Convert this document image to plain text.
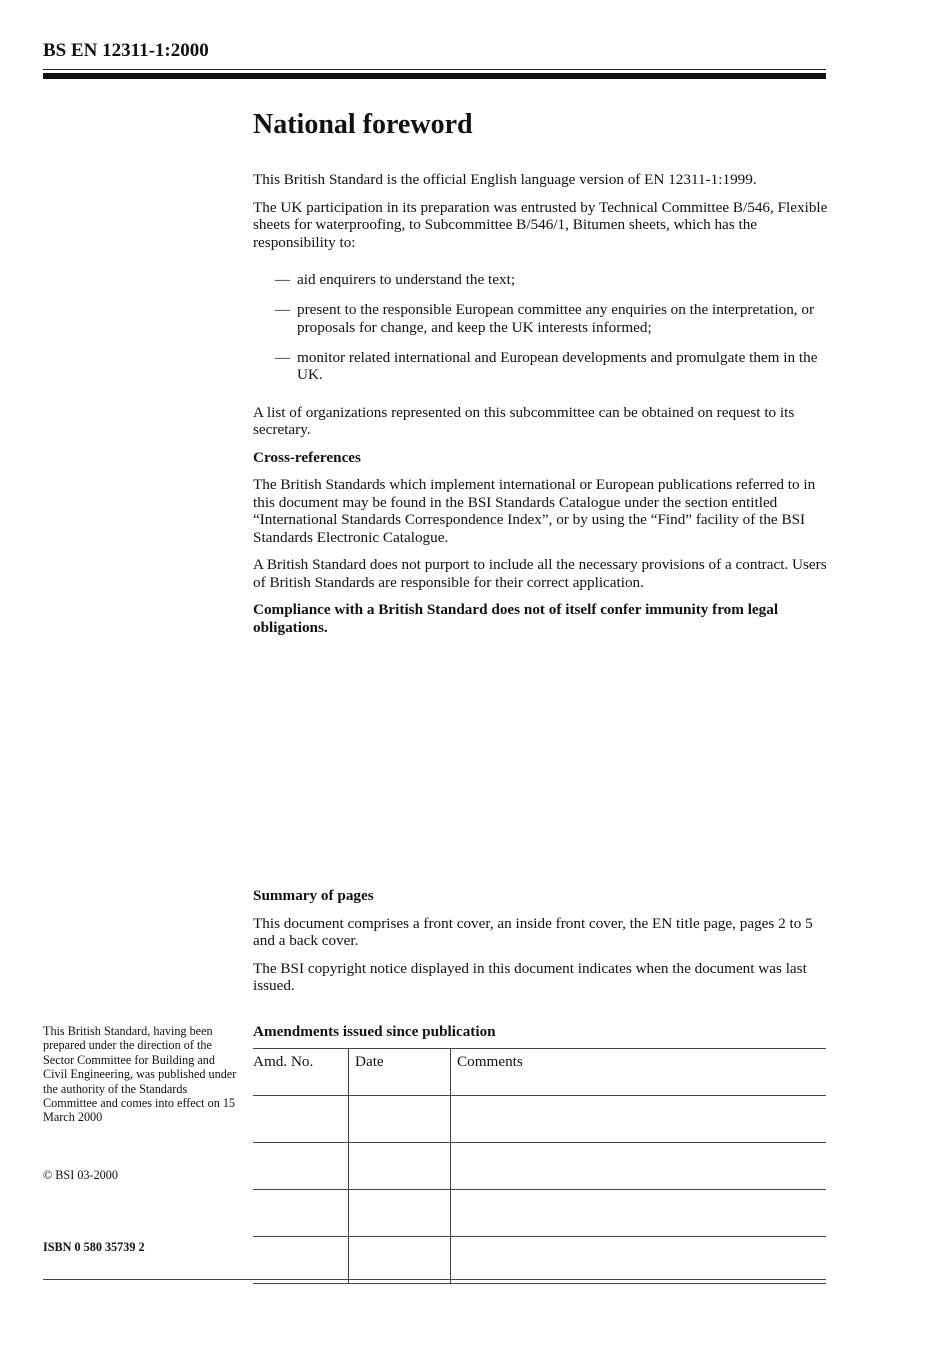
BS EN 12311-1:2000
National foreword

This British Standard is the official English language version of EN 12311-1:1999.

The UK participation in its preparation was entrusted by Technical Committee B/546, Flexible sheets for waterproofing, to Subcommittee B/546/1, Bitumen sheets, which has the responsibility to:

— aid enquirers to understand the text;
— present to the responsible European committee any enquiries on the interpretation, or proposals for change, and keep the UK interests informed;
— monitor related international and European developments and promulgate them in the UK.

A list of organizations represented on this subcommittee can be obtained on request to its secretary.

Cross-references

The British Standards which implement international or European publications referred to in this document may be found in the BSI Standards Catalogue under the section entitled “International Standards Correspondence Index”, or by using the “Find” facility of the BSI Standards Electronic Catalogue.

A British Standard does not purport to include all the necessary provisions of a contract. Users of British Standards are responsible for their correct application.

Compliance with a British Standard does not of itself confer immunity from legal obligations.

Summary of pages

This document comprises a front cover, an inside front cover, the EN title page, pages 2 to 5 and a back cover.

The BSI copyright notice displayed in this document indicates when the document was last issued.

Amendments issued since publication

Amd. No.	Date	Comments

This British Standard, having been prepared under the direction of the Sector Committee for Building and Civil Engineering, was published under the authority of the Standards Committee and comes into effect on 15 March 2000

© BSI 03-2000

ISBN 0 580 35739 2
